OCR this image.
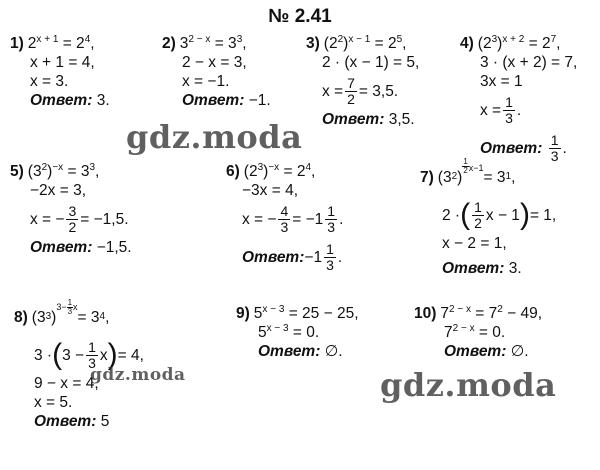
№ 2.41
1) $2^{x + 1} = 2^4$,
x + 1 = 4,
x = 3.
Ответ: 3.
2) $3^{2 - x} = 3^3$,
2 − x = 3,
x = −1.
Ответ: −1.
3) $(2^2)^{x - 1} = 2^5$,
2 · (x − 1) = 5,
$x = \frac{7}{2} = 3,5$.
Ответ: 3,5.
4) $(2^3)^{x + 2} = 2^7$,
3 · (x + 2) = 7,
3x = 1
$x = \frac{1}{3}$ .
Ответ:
$\frac{1}{3}$ .
5) $(3^2)^{-x} = 3^3$,
−2x = 3,
x = − $\frac{3}{2} = -1,5$.
Ответ: −1,5.
6) $(2^3)^{-x} = 2^4$,
−3x = 4,
x = − $\frac{4}{3} = -1 \frac{1}{3}$ .
Ответ: $-1 \frac{1}{3}$ .
7) (3 2 )
$\frac{1}{2} x-1$
= 3 1 ,
2 · ( $\frac{1}{2}$ x − 1 ) = 1,
x − 2 = 1,
Ответ: 3.
8) (3 3 )
$3- \frac{1}{3}$ x
= 3 4 ,
3 · ( $3 - \frac{1}{3}$ x ) = 4,
9 − x = 4,
x = 5.
Ответ: 5
9) $5^{x - 3} = 25 - 25$,
$5^{x - 3} = 0$.
Ответ: ∅.
10) $7^{2 - x} = 7^2 - 49$,
$7^{2 - x} = 0$.
Ответ: ∅.
gdz.moda
gdz.moda	gdz.moda
